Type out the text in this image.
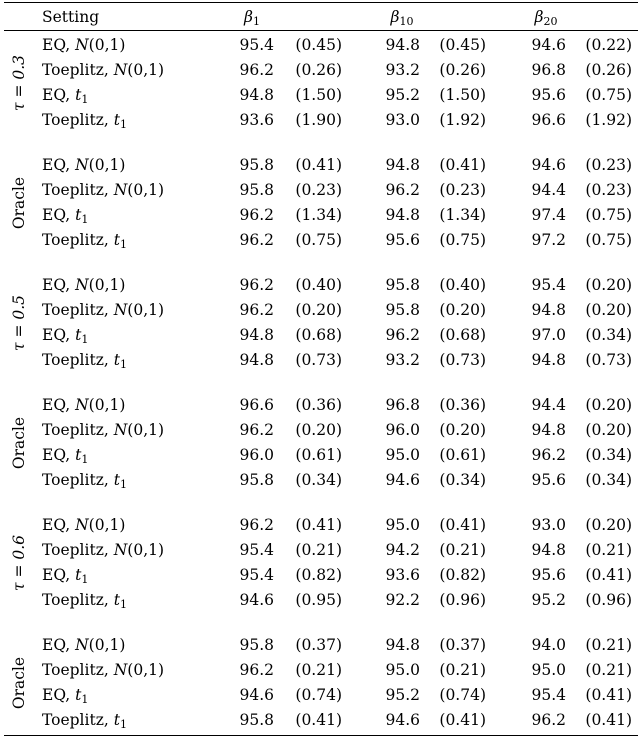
Setting	$\beta_1$	$\beta_{10}$	$\beta_{20}$
τ = 0.3
EQ, N(0,1)	95.4	(0.45)	94.8	(0.45)	94.6	(0.22)
Toeplitz, N(0,1)	96.2	(0.26)	93.2	(0.26)	96.8	(0.26)
EQ, $t_1$	94.8	(1.50)	95.2	(1.50)	95.6	(0.75)
Toeplitz, $t_1$	93.6	(1.90)	93.0	(1.92)	96.6	(1.92)
Oracle
EQ, N(0,1)	95.8	(0.41)	94.8	(0.41)	94.6	(0.23)
Toeplitz, N(0,1)	95.8	(0.23)	96.2	(0.23)	94.4	(0.23)
EQ, $t_1$	96.2	(1.34)	94.8	(1.34)	97.4	(0.75)
Toeplitz, $t_1$	96.2	(0.75)	95.6	(0.75)	97.2	(0.75)
τ = 0.5
EQ, N(0,1)	96.2	(0.40)	95.8	(0.40)	95.4	(0.20)
Toeplitz, N(0,1)	96.2	(0.20)	95.8	(0.20)	94.8	(0.20)
EQ, $t_1$	94.8	(0.68)	96.2	(0.68)	97.0	(0.34)
Toeplitz, $t_1$	94.8	(0.73)	93.2	(0.73)	94.8	(0.73)
Oracle
EQ, N(0,1)	96.6	(0.36)	96.8	(0.36)	94.4	(0.20)
Toeplitz, N(0,1)	96.2	(0.20)	96.0	(0.20)	94.8	(0.20)
EQ, $t_1$	96.0	(0.61)	95.0	(0.61)	96.2	(0.34)
Toeplitz, $t_1$	95.8	(0.34)	94.6	(0.34)	95.6	(0.34)
τ = 0.6
EQ, N(0,1)	96.2	(0.41)	95.0	(0.41)	93.0	(0.20)
Toeplitz, N(0,1)	95.4	(0.21)	94.2	(0.21)	94.8	(0.21)
EQ, $t_1$	95.4	(0.82)	93.6	(0.82)	95.6	(0.41)
Toeplitz, $t_1$	94.6	(0.95)	92.2	(0.96)	95.2	(0.96)
Oracle
EQ, N(0,1)	95.8	(0.37)	94.8	(0.37)	94.0	(0.21)
Toeplitz, N(0,1)	96.2	(0.21)	95.0	(0.21)	95.0	(0.21)
EQ, $t_1$	94.6	(0.74)	95.2	(0.74)	95.4	(0.41)
Toeplitz, $t_1$	95.8	(0.41)	94.6	(0.41)	96.2	(0.41)
